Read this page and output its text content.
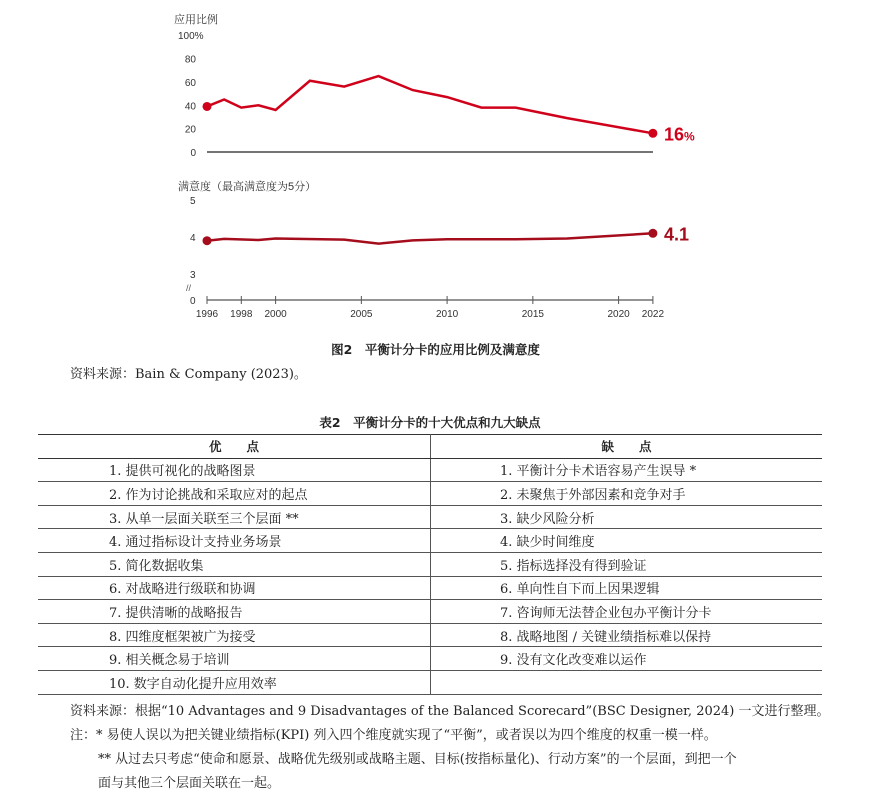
应用比例
100%
80
60
40
20
0
16%
满意度（最高满意度为5分）
5
4
3
0
//
1996 1998 2000	2005	2010	2015	2020 2022
4.1
图2　平衡计分卡的应用比例及满意度
资料来源：Bain & Company (2023)。
表2　平衡计分卡的十大优点和九大缺点
优　　点	缺　　点
1. 提供可视化的战略图景	1. 平衡计分卡术语容易产生误导 *
2. 作为讨论挑战和采取应对的起点	2. 未聚焦于外部因素和竞争对手
3. 从单一层面关联至三个层面 **	3. 缺少风险分析
4. 通过指标设计支持业务场景	4. 缺少时间维度
5. 简化数据收集	5. 指标选择没有得到验证
6. 对战略进行级联和协调	6. 单向性自下而上因果逻辑
7. 提供清晰的战略报告	7. 咨询师无法替企业包办平衡计分卡
8. 四维度框架被广为接受	8. 战略地图 / 关键业绩指标难以保持
9. 相关概念易于培训	9. 没有文化改变难以运作
10. 数字自动化提升应用效率	
资料来源：根据“10 Advantages and 9 Disadvantages of the Balanced Scorecard”(BSC Designer, 2024) 一文进行整理。
注：* 易使人误以为把关键业绩指标(KPI) 列入四个维度就实现了“平衡”，或者误以为四个维度的权重一模一样。
** 从过去只考虑“使命和愿景、战略优先级别或战略主题、目标(按指标量化)、行动方案”的一个层面，到把一个
面与其他三个层面关联在一起。
